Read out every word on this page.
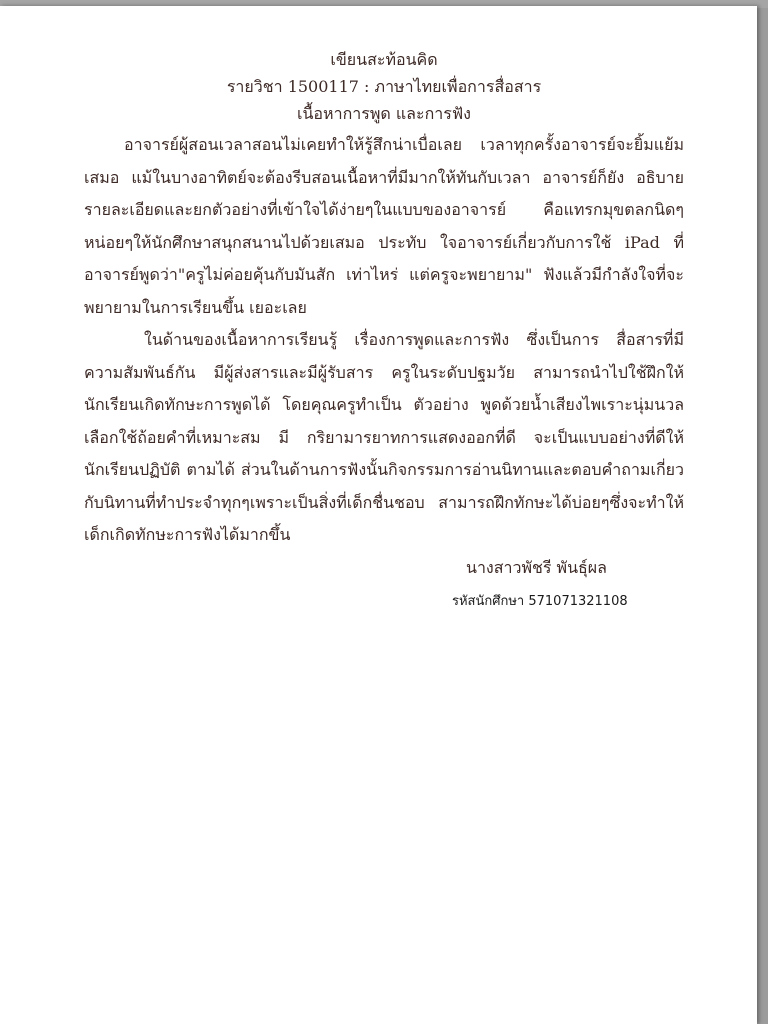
เขียนสะท้อนคิด

รายวิชา 1500117 : ภาษาไทยเพื่อการสื่อสาร

เนื้อหาการพูด และการฟัง

อาจารย์ผู้สอนเวลาสอนไม่เคยทำให้รู้สึกน่าเบื่อเลย เวลาทุกครั้งอาจารย์จะยิ้มแย้มเสมอ แม้ในบางอาทิตย์จะต้องรีบสอนเนื้อหาที่มีมากให้ทันกับเวลา อาจารย์ก็ยัง อธิบายรายละเอียดและยกตัวอย่างที่เข้าใจได้ง่ายๆในแบบของอาจารย์ คือแทรกมุขตลกนิดๆหน่อยๆให้นักศึกษาสนุกสนานไปด้วยเสมอ ประทับ ใจอาจารย์เกี่ยวกับการใช้ iPad ที่อาจารย์พูดว่า"ครูไม่ค่อยคุ้นกับมันสัก เท่าไหร่ แต่ครูจะพยายาม" ฟังแล้วมีกำลังใจที่จะพยายามในการเรียนขึ้น เยอะเลย

ในด้านของเนื้อหาการเรียนรู้ เรื่องการพูดและการฟัง ซึ่งเป็นการ สื่อสารที่มีความสัมพันธ์กัน มีผู้ส่งสารและมีผู้รับสาร ครูในระดับปฐมวัย สามารถนำไปใช้ฝึกให้นักเรียนเกิดทักษะการพูดได้ โดยคุณครูทำเป็น ตัวอย่าง พูดด้วยน้ำเสียงไพเราะนุ่มนวล เลือกใช้ถ้อยคำที่เหมาะสม มี กริยามารยาทการแสดงออกที่ดี จะเป็นแบบอย่างที่ดีให้นักเรียนปฏิบัติ ตามได้ ส่วนในด้านการฟังนั้นกิจกรรมการอ่านนิทานและตอบคำถามเกี่ยว กับนิทานที่ทำประจำทุกๆเพราะเป็นสิ่งที่เด็กชื่นชอบ สามารถฝึกทักษะได้บ่อยๆซึ่งจะทำให้เด็กเกิดทักษะการฟังได้มากขึ้น

นางสาวพัชรี พันธุ์ผล

รหัสนักศึกษา 571071321108
